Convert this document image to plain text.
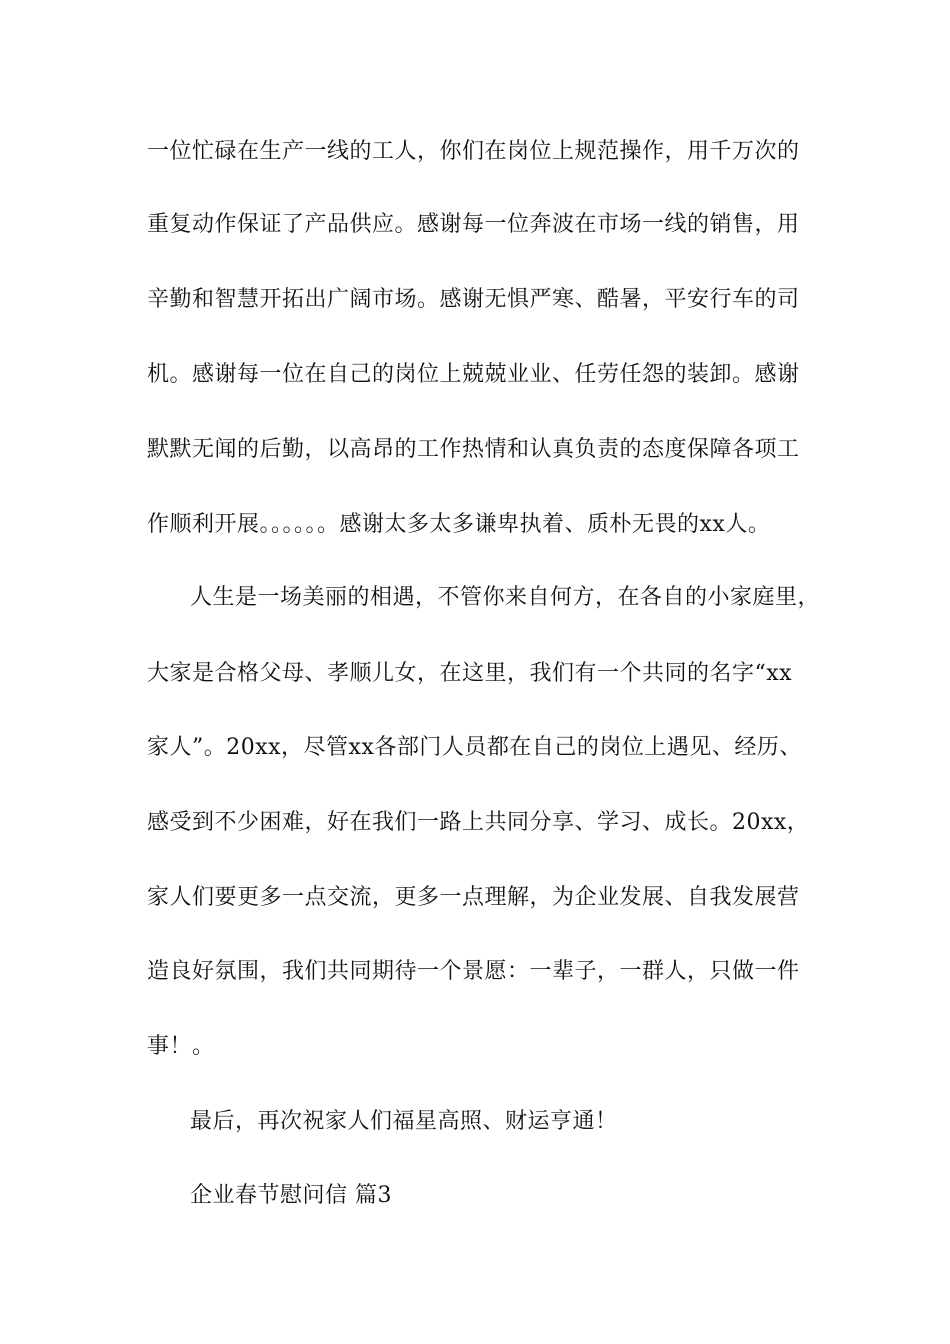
一位忙碌在生产一线的工人，你们在岗位上规范操作，用千万次的
重复动作保证了产品供应。感谢每一位奔波在市场一线的销售，用
辛勤和智慧开拓出广阔市场。感谢无惧严寒、酷暑，平安行车的司
机。感谢每一位在自己的岗位上兢兢业业、任劳任怨的装卸。感谢
默默无闻的后勤，以高昂的工作热情和认真负责的态度保障各项工
作顺利开展。。。。。。感谢太多太多谦卑执着、质朴无畏的xx人。
人生是一场美丽的相遇，不管你来自何方，在各自的小家庭里，
大家是合格父母、孝顺儿女，在这里，我们有一个共同的名字“xx
家人”。20xx，尽管xx各部门人员都在自己的岗位上遇见、经历、
感受到不少困难，好在我们一路上共同分享、学习、成长。20xx，
家人们要更多一点交流，更多一点理解，为企业发展、自我发展营
造良好氛围，我们共同期待一个景愿：一辈子，一群人，只做一件
事！。
最后，再次祝家人们福星高照、财运亨通！
企业春节慰问信 篇3
